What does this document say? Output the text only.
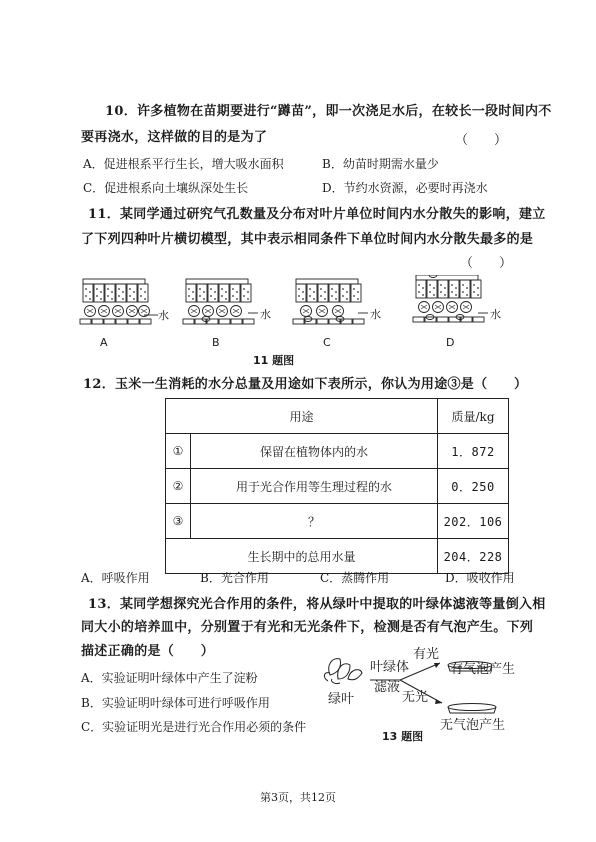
10．许多植物在苗期要进行“蹲苗”，即一次浇足水后，在较长一段时间内不
要再浇水，这样做的目的是为了	（　　）
A．促进根系平行生长，增大吸水面积	B．幼苗时期需水量少
C．促进根系向土壤纵深处生长	D．节约水资源，必要时再浇水
11．某同学通过研究气孔数量及分布对叶片单位时间内水分散失的影响，建立
了下列四种叶片横切模型，其中表示相同条件下单位时间内水分散失最多的是
（　　）
水	水	水	水
A	B	C	D
11 题图
12．玉米一生消耗的水分总量及用途如下表所示，你认为用途③是（　　）
用途		质量/kg
①	保留在植物体内的水	1．872
②	用于光合作用等生理过程的水	0．250
③	？	202．106
生长期中的总用水量		204．228
A．呼吸作用	B．光合作用	C．蒸腾作用	D．吸收作用
13．某同学想探究光合作用的条件，将从绿叶中提取的叶绿体滤液等量倒入相
同大小的培养皿中，分别置于有光和无光条件下，检测是否有气泡产生。下列
描述正确的是（　　）
A．实验证明叶绿体中产生了淀粉
B．实验证明叶绿体可进行呼吸作用
C．实验证明光是进行光合作用必须的条件
绿叶
叶绿体
滤液
有光
无光
有气泡产生
无气泡产生
13 题图
第3页，共12页
